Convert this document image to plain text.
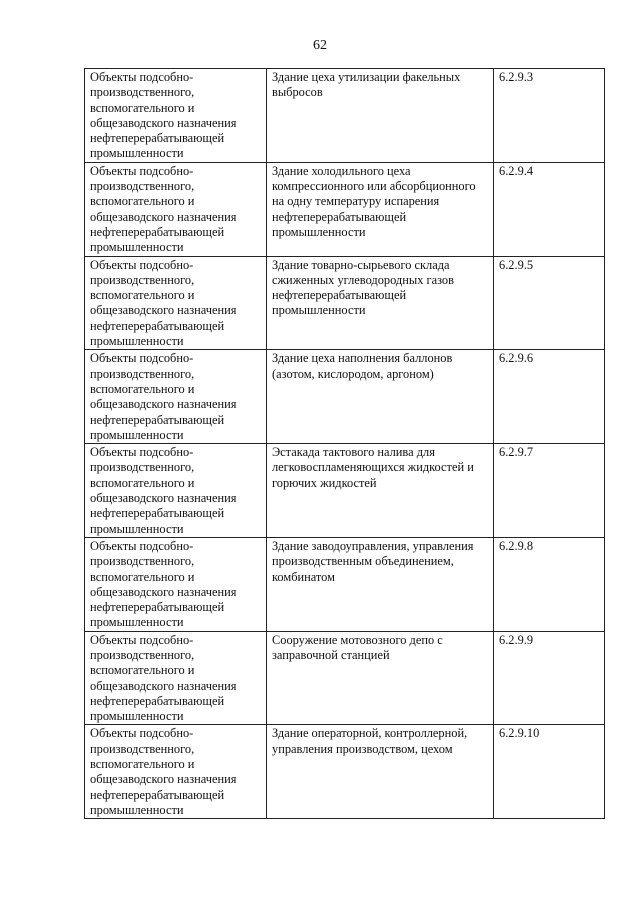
62
Объекты подсобно-производственного, вспомогательного и общезаводского назначения нефтеперерабатывающей промышленности	Здание цеха утилизации факельных выбросов	6.2.9.3

Объекты подсобно-производственного, вспомогательного и общезаводского назначения нефтеперерабатывающей промышленности	Здание холодильного цеха компрессионного или абсорбционного на одну температуру испарения нефтеперерабатывающей промышленности	6.2.9.4

Объекты подсобно-производственного, вспомогательного и общезаводского назначения нефтеперерабатывающей промышленности	Здание товарно-сырьевого склада сжиженных углеводородных газов нефтеперерабатывающей промышленности	6.2.9.5

Объекты подсобно-производственного, вспомогательного и общезаводского назначения нефтеперерабатывающей промышленности	Здание цеха наполнения баллонов (азотом, кислородом, аргоном)	6.2.9.6

Объекты подсобно-производственного, вспомогательного и общезаводского назначения нефтеперерабатывающей промышленности	Эстакада тактового налива для легковоспламеняющихся жидкостей и горючих жидкостей	6.2.9.7

Объекты подсобно-производственного, вспомогательного и общезаводского назначения нефтеперерабатывающей промышленности	Здание заводоуправления, управления производственным объединением, комбинатом	6.2.9.8

Объекты подсобно-производственного, вспомогательного и общезаводского назначения нефтеперерабатывающей промышленности	Сооружение мотовозного депо с заправочной станцией	6.2.9.9

Объекты подсобно-производственного, вспомогательного и общезаводского назначения нефтеперерабатывающей промышленности	Здание операторной, контроллерной, управления производством, цехом	6.2.9.10
